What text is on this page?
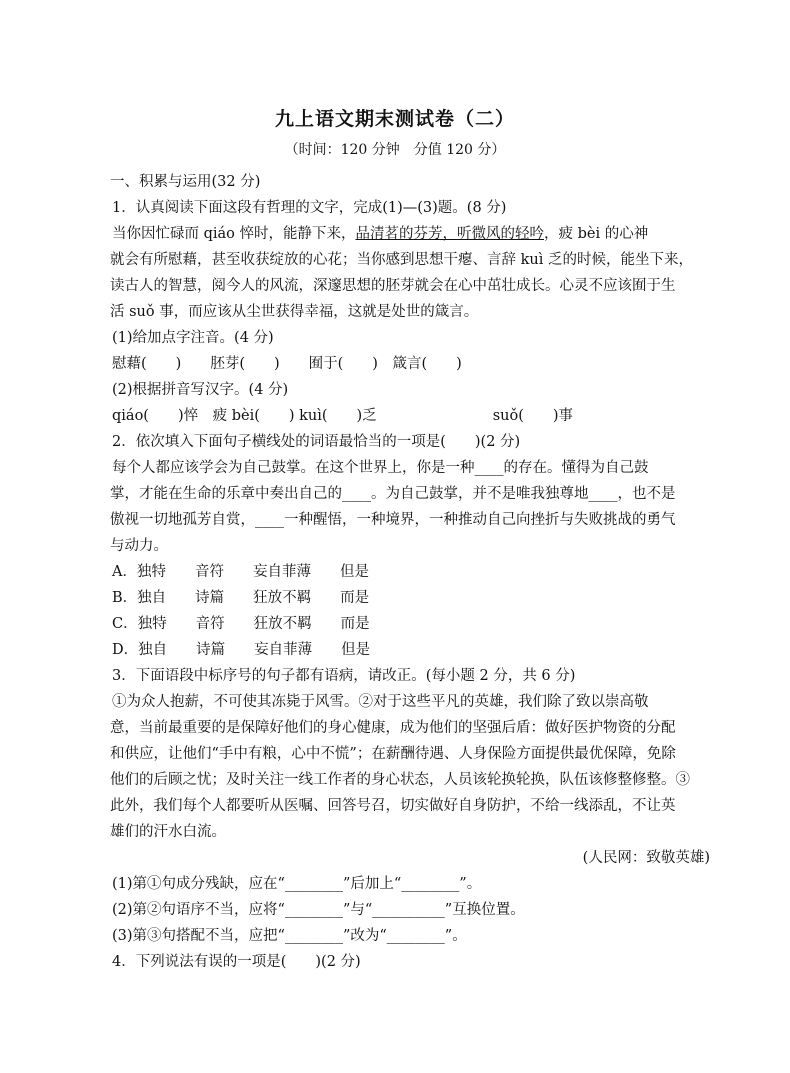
九上语文期末测试卷（二）
（时间：120 分钟　分值 120 分）
一、积累与运用(32 分)
1．认真阅读下面这段有哲理的文字，完成(1)—(3)题。(8 分)
当你因忙碌而 qiáo 悴时，能静下来，品清茗的芬芳，听微风的轻吟，疲 bèi 的心神
就会有所慰藉，甚至收获绽放的心花；当你感到思想干瘪、言辞 kuì 乏的时候，能坐下来，
读古人的智慧，阅今人的风流，深邃思想的胚芽就会在心中茁壮成长。心灵不应该囿于生
活 suǒ 事，而应该从尘世获得幸福，这就是处世的箴言。
(1)给加点字注音。(4 分)
慰藉(　　)　　胚芽(　　)　　囿于(　　)　箴言(　　)
(2)根据拼音写汉字。(4 分)
qiáo(　　)悴　疲 bèi(　　) kuì(　　)乏　　　　　　　　suǒ(　　)事
2．依次填入下面句子横线处的词语最恰当的一项是(　　)(2 分)
每个人都应该学会为自己鼓掌。在这个世界上，你是一种____的存在。懂得为自己鼓
掌，才能在生命的乐章中奏出自己的____。为自己鼓掌，并不是唯我独尊地____，也不是
傲视一切地孤芳自赏，____一种醒悟，一种境界，一种推动自己向挫折与失败挑战的勇气
与动力。
A．独特　　音符　　妄自菲薄　　但是
B．独自　　诗篇　　狂放不羁　　而是
C．独特　　音符　　狂放不羁　　而是
D．独自　　诗篇　　妄自菲薄　　但是
3．下面语段中标序号的句子都有语病，请改正。(每小题 2 分，共 6 分)
①为众人抱薪，不可使其冻毙于风雪。②对于这些平凡的英雄，我们除了致以崇高敬
意，当前最重要的是保障好他们的身心健康，成为他们的坚强后盾：做好医护物资的分配
和供应，让他们“手中有粮，心中不慌”；在薪酬待遇、人身保险方面提供最优保障，免除
他们的后顾之忧；及时关注一线工作者的身心状态，人员该轮换轮换，队伍该修整修整。③
此外，我们每个人都要听从医嘱、回答号召，切实做好自身防护，不给一线添乱，不让英
雄们的汗水白流。
(人民网：致敬英雄)
(1)第①句成分残缺，应在“________”后加上“________”。
(2)第②句语序不当，应将“________”与“__________”互换位置。
(3)第③句搭配不当，应把“________”改为“________”。
4．下列说法有误的一项是(　　)(2 分)
